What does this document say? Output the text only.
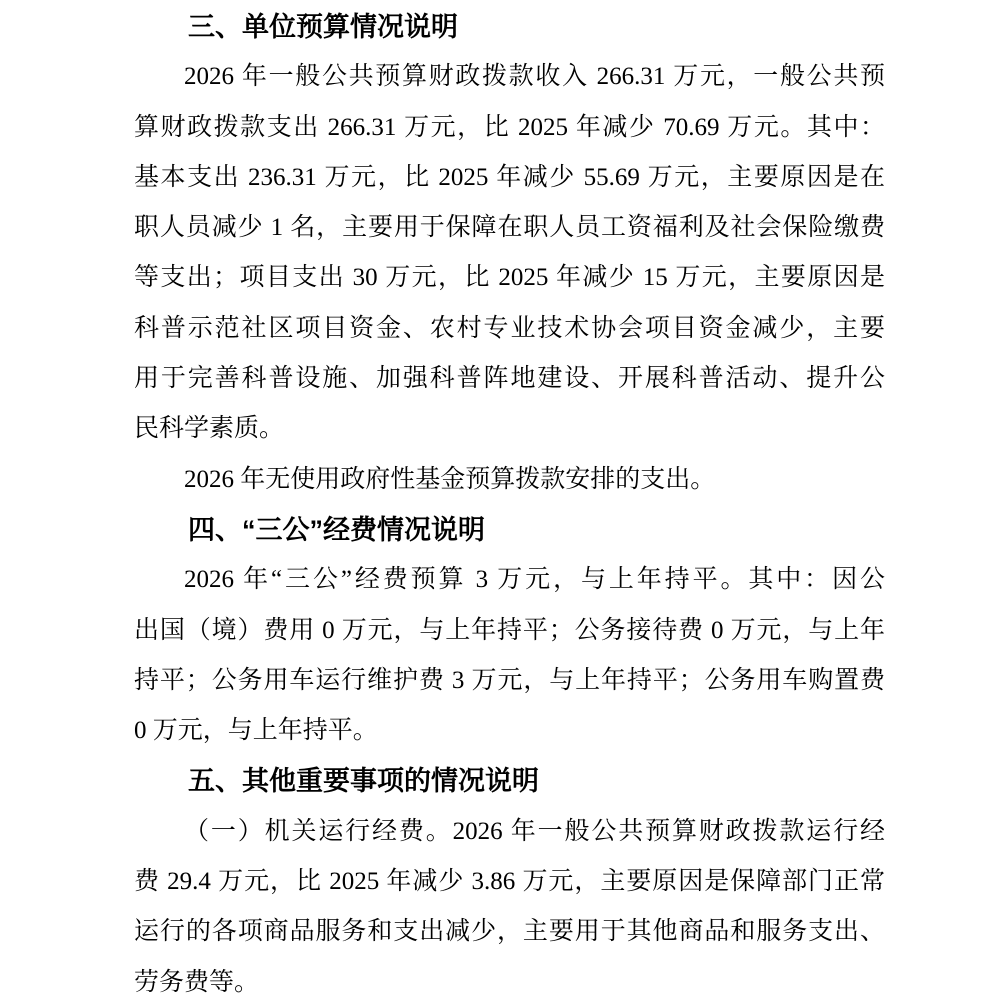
三、单位预算情况说明
2026 年一般公共预算财政拨款收入 266.31 万元，一般公共预
算财政拨款支出 266.31 万元，比 2025 年减少 70.69 万元。其中：
基本支出 236.31 万元，比 2025 年减少 55.69 万元，主要原因是在
职人员减少 1 名，主要用于保障在职人员工资福利及社会保险缴费
等支出；项目支出 30 万元，比 2025 年减少 15 万元，主要原因是
科普示范社区项目资金、农村专业技术协会项目资金减少，主要
用于完善科普设施、加强科普阵地建设、开展科普活动、提升公
民科学素质。
2026 年无使用政府性基金预算拨款安排的支出。
四、“三公”经费情况说明
2026 年“三公”经费预算 3 万元，与上年持平。其中：因公
出国（境）费用 0 万元，与上年持平；公务接待费 0 万元，与上年
持平；公务用车运行维护费 3 万元，与上年持平；公务用车购置费
0 万元，与上年持平。
五、其他重要事项的情况说明
（一）机关运行经费。2026 年一般公共预算财政拨款运行经
费 29.4 万元，比 2025 年减少 3.86 万元，主要原因是保障部门正常
运行的各项商品服务和支出减少，主要用于其他商品和服务支出、
劳务费等。
